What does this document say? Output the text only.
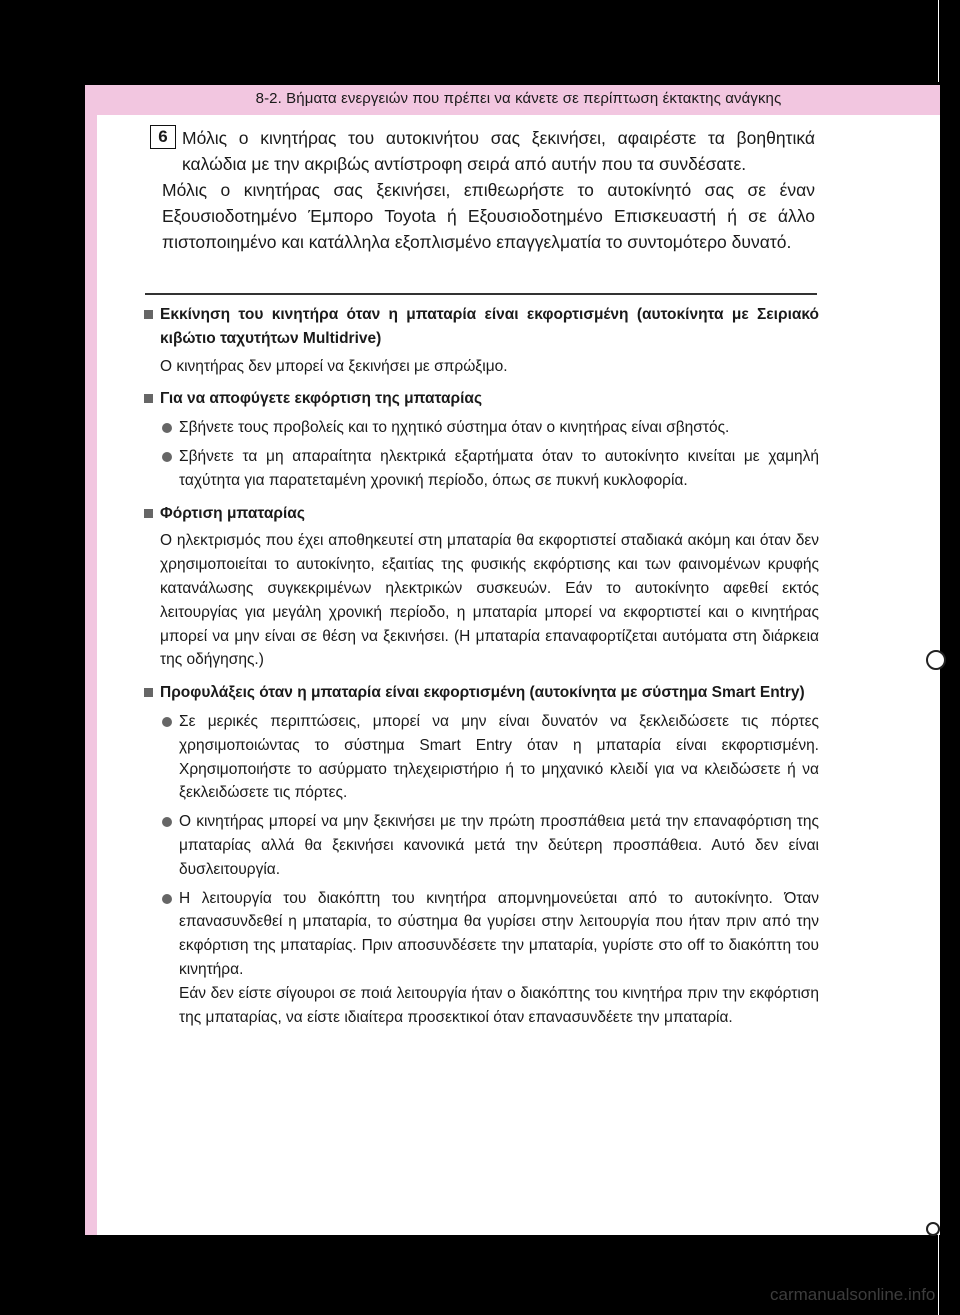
8-2. Βήματα ενεργειών που πρέπει να κάνετε σε περίπτωση έκτακτης ανάγκης
6 Μόλις ο κινητήρας του αυτοκινήτου σας ξεκινήσει, αφαιρέστε τα βοηθητικά καλώδια με την ακριβώς αντίστροφη σειρά από αυτήν που τα συνδέσατε.
Μόλις ο κινητήρας σας ξεκινήσει, επιθεωρήστε το αυτοκίνητό σας σε έναν Εξουσιοδοτημένο Έμπορο Toyota ή Εξουσιοδοτημένο Επισκευαστή ή σε άλλο πιστοποιημένο και κατάλληλα εξοπλισμένο επαγγελματία το συντομότερο δυνατό.
Εκκίνηση του κινητήρα όταν η μπαταρία είναι εκφορτισμένη (αυτοκίνητα με Σειριακό κιβώτιο ταχυτήτων Multidrive)
Ο κινητήρας δεν μπορεί να ξεκινήσει με σπρώξιμο.
Για να αποφύγετε εκφόρτιση της μπαταρίας
Σβήνετε τους προβολείς και το ηχητικό σύστημα όταν ο κινητήρας είναι σβηστός.
Σβήνετε τα μη απαραίτητα ηλεκτρικά εξαρτήματα όταν το αυτοκίνητο κινείται με χαμηλή ταχύτητα για παρατεταμένη χρονική περίοδο, όπως σε πυκνή κυκλοφορία.
Φόρτιση μπαταρίας
Ο ηλεκτρισμός που έχει αποθηκευτεί στη μπαταρία θα εκφορτιστεί σταδιακά ακόμη και όταν δεν χρησιμοποιείται το αυτοκίνητο, εξαιτίας της φυσικής εκφόρτισης και των φαινομένων κρυφής κατανάλωσης συγκεκριμένων ηλεκτρικών συσκευών. Εάν το αυτοκίνητο αφεθεί εκτός λειτουργίας για μεγάλη χρονική περίοδο, η μπαταρία μπορεί να εκφορτιστεί και ο κινητήρας μπορεί να μην είναι σε θέση να ξεκινήσει. (Η μπαταρία επαναφορτίζεται αυτόματα στη διάρκεια της οδήγησης.)
Προφυλάξεις όταν η μπαταρία είναι εκφορτισμένη (αυτοκίνητα με σύστημα Smart Entry)
Σε μερικές περιπτώσεις, μπορεί να μην είναι δυνατόν να ξεκλειδώσετε τις πόρτες χρησιμοποιώντας το σύστημα Smart Entry όταν η μπαταρία είναι εκφορτισμένη. Χρησιμοποιήστε το ασύρματο τηλεχειριστήριο ή το μηχανικό κλειδί για να κλειδώσετε ή να ξεκλειδώσετε τις πόρτες.
Ο κινητήρας μπορεί να μην ξεκινήσει με την πρώτη προσπάθεια μετά την επαναφόρτιση της μπαταρίας αλλά θα ξεκινήσει κανονικά μετά την δεύτερη προσπάθεια. Αυτό δεν είναι δυσλειτουργία.
Η λειτουργία του διακόπτη του κινητήρα απομνημονεύεται από το αυτοκίνητο. Όταν επανασυνδεθεί η μπαταρία, το σύστημα θα γυρίσει στην λειτουργία που ήταν πριν από την εκφόρτιση της μπαταρίας. Πριν αποσυνδέσετε την μπαταρία, γυρίστε στο off το διακόπτη του κινητήρα.
Εάν δεν είστε σίγουροι σε ποιά λειτουργία ήταν ο διακόπτης του κινητήρα πριν την εκφόρτιση της μπαταρίας, να είστε ιδιαίτερα προσεκτικοί όταν επανασυνδέετε την μπαταρία.
carmanualsonline.info
